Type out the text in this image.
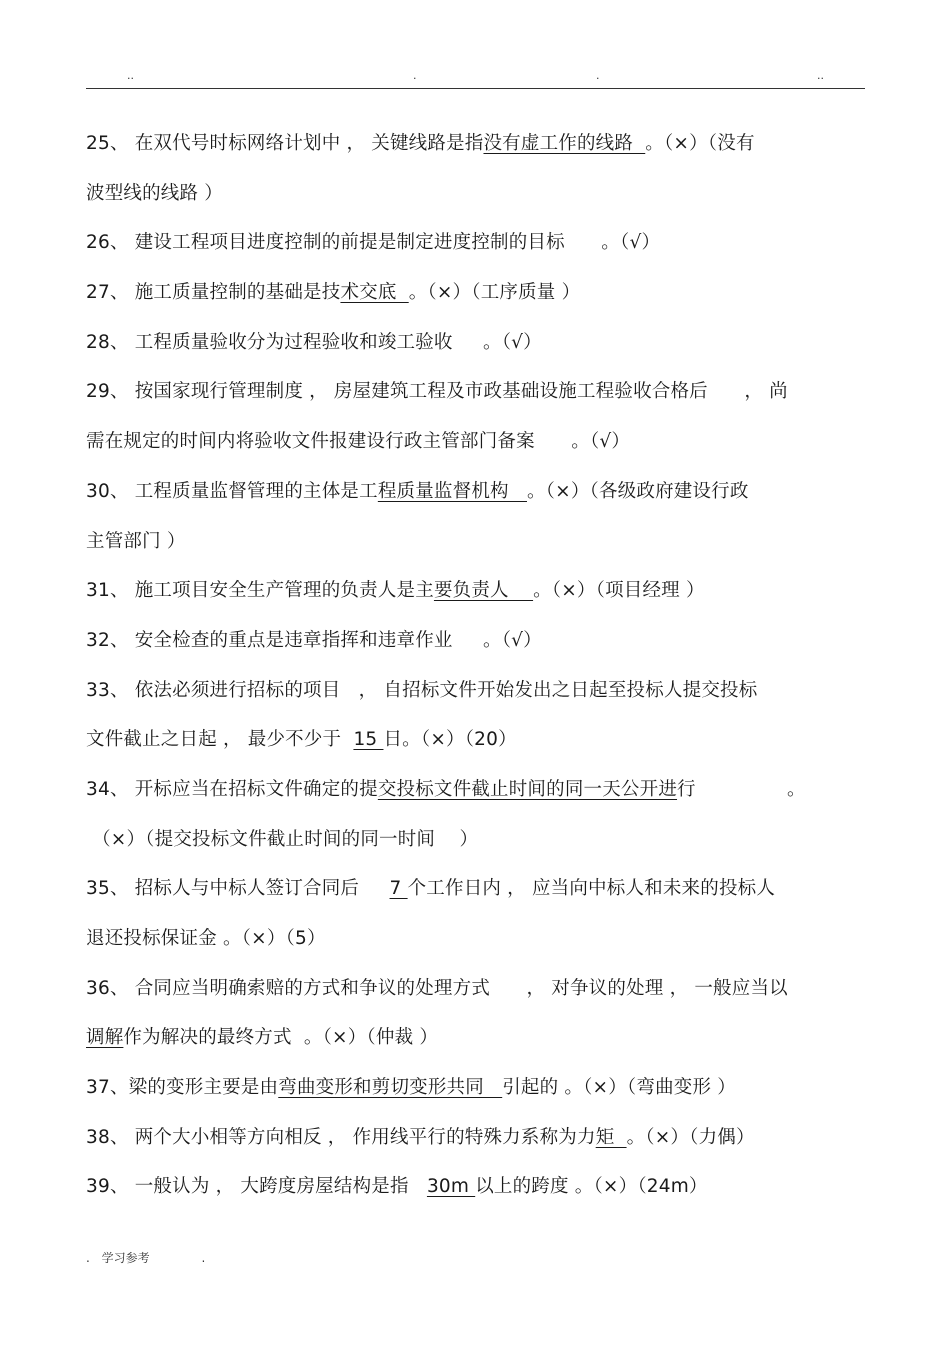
..	.	.	..
25、 在双代号时标网络计划中 ， 关键线路是指没有虚工作的线路  。（×）（没有
波型线的线路 ）
26、 建设工程项目进度控制的前提是制定进度控制的目标      。（√）
27、 施工质量控制的基础是技术交底  。（×）（工序质量 ）
28、 工程质量验收分为过程验收和竣工验收     。（√）
29、 按国家现行管理制度 ， 房屋建筑工程及市政基础设施工程验收合格后      ， 尚
需在规定的时间内将验收文件报建设行政主管部门备案      。（√）
30、 工程质量监督管理的主体是工程质量监督机构   。（×）（各级政府建设行政
主管部门 ）
31、 施工项目安全生产管理的负责人是主要负责人    。（×）（项目经理 ）
32、 安全检查的重点是违章指挥和违章作业     。（√）
33、 依法必须进行招标的项目   ， 自招标文件开始发出之日起至投标人提交投标
文件截止之日起 ， 最少不少于  15 日。（×）（20）
34、 开标应当在招标文件确定的提交投标文件截止时间的同一天公开进行               。
（×）（提交投标文件截止时间的同一时间    ）
35、 招标人与中标人签订合同后     7 个工作日内 ， 应当向中标人和未来的投标人
退还投标保证金 。（×）（5）
36、 合同应当明确索赔的方式和争议的处理方式      ， 对争议的处理 ， 一般应当以
调解作为解决的最终方式  。（×）（仲裁 ）
37、梁的变形主要是由弯曲变形和剪切变形共同   引起的 。（×）（弯曲变形 ）
38、 两个大小相等方向相反 ， 作用线平行的特殊力系称为力矩  。（×）（力偶）
39、 一般认为 ， 大跨度房屋结构是指   30m 以上的跨度 。（×）（24m）
. 学习参考	.
